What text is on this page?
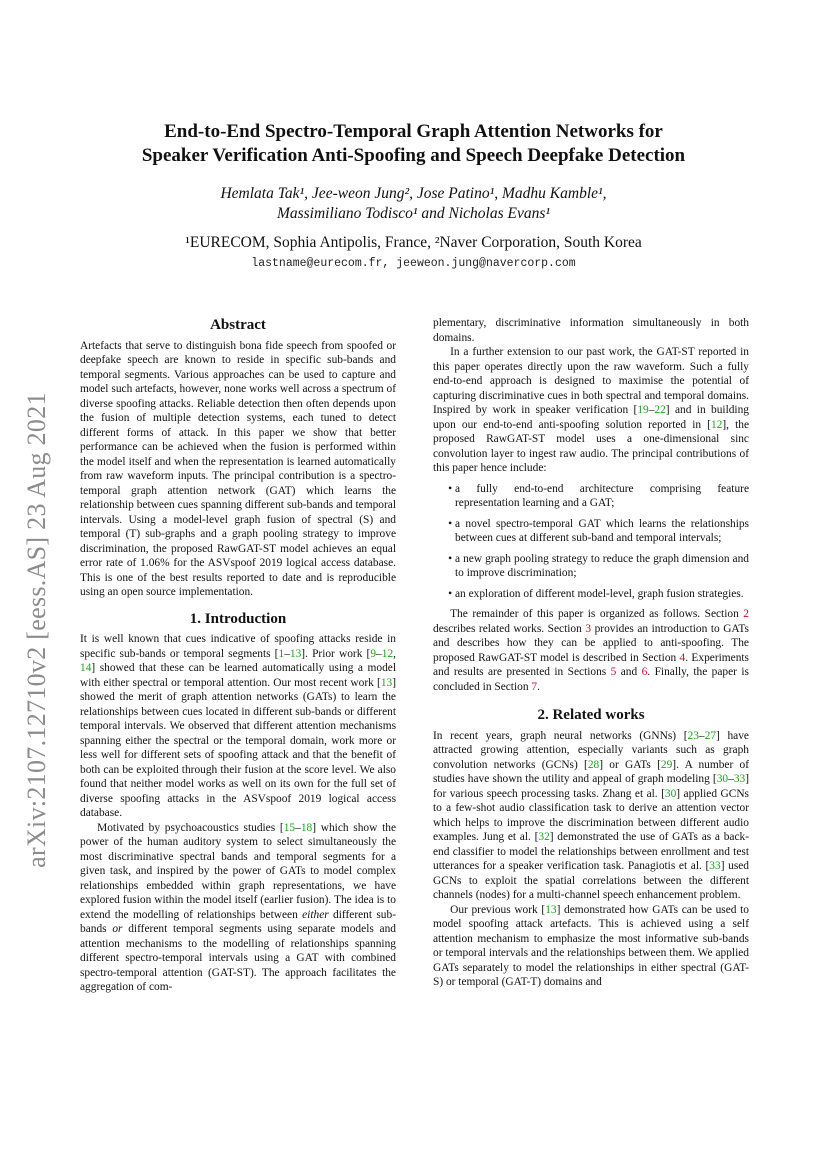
arXiv:2107.12710v2 [eess.AS] 23 Aug 2021
End-to-End Spectro-Temporal Graph Attention Networks for
Speaker Verification Anti-Spoofing and Speech Deepfake Detection
Hemlata Tak¹, Jee-weon Jung², Jose Patino¹, Madhu Kamble¹,
Massimiliano Todisco¹ and Nicholas Evans¹
¹EURECOM, Sophia Antipolis, France, ²Naver Corporation, South Korea
lastname@eurecom.fr, jeeweon.jung@navercorp.com
Abstract

Artefacts that serve to distinguish bona fide speech from spoofed or deepfake speech are known to reside in specific sub-bands and temporal segments. Various approaches can be used to capture and model such artefacts, however, none works well across a spectrum of diverse spoofing attacks. Reliable detection then often depends upon the fusion of multiple detection systems, each tuned to detect different forms of attack. In this paper we show that better performance can be achieved when the fusion is performed within the model itself and when the representation is learned automatically from raw waveform inputs. The principal contribution is a spectro-temporal graph attention network (GAT) which learns the relationship between cues spanning different sub-bands and temporal intervals. Using a model-level graph fusion of spectral (S) and temporal (T) sub-graphs and a graph pooling strategy to improve discrimination, the proposed RawGAT-ST model achieves an equal error rate of 1.06% for the ASVspoof 2019 logical access database. This is one of the best results reported to date and is reproducible using an open source implementation.

1. Introduction

It is well known that cues indicative of spoofing attacks reside in specific sub-bands or temporal segments [1–13]. Prior work [9–12, 14] showed that these can be learned automatically using a model with either spectral or temporal attention. Our most recent work [13] showed the merit of graph attention networks (GATs) to learn the relationships between cues located in different sub-bands or different temporal intervals. We observed that different attention mechanisms spanning either the spectral or the temporal domain, work more or less well for different sets of spoofing attack and that the benefit of both can be exploited through their fusion at the score level. We also found that neither model works as well on its own for the full set of diverse spoofing attacks in the ASVspoof 2019 logical access database.

Motivated by psychoacoustics studies [15–18] which show the power of the human auditory system to select simultaneously the most discriminative spectral bands and temporal segments for a given task, and inspired by the power of GATs to model complex relationships embedded within graph representations, we have explored fusion within the model itself (earlier fusion). The idea is to extend the modelling of relationships between either different sub-bands or different temporal segments using separate models and attention mechanisms to the modelling of relationships spanning different spectro-temporal intervals using a GAT with combined spectro-temporal attention (GAT-ST). The approach facilitates the aggregation of com-

plementary, discriminative information simultaneously in both domains.

In a further extension to our past work, the GAT-ST reported in this paper operates directly upon the raw waveform. Such a fully end-to-end approach is designed to maximise the potential of capturing discriminative cues in both spectral and temporal domains. Inspired by work in speaker verification [19–22] and in building upon our end-to-end anti-spoofing solution reported in [12], the proposed RawGAT-ST model uses a one-dimensional sinc convolution layer to ingest raw audio. The principal contributions of this paper hence include:

• a fully end-to-end architecture comprising feature representation learning and a GAT;
• a novel spectro-temporal GAT which learns the relationships between cues at different sub-band and temporal intervals;
• a new graph pooling strategy to reduce the graph dimension and to improve discrimination;
• an exploration of different model-level, graph fusion strategies.

The remainder of this paper is organized as follows. Section 2 describes related works. Section 3 provides an introduction to GATs and describes how they can be applied to anti-spoofing. The proposed RawGAT-ST model is described in Section 4. Experiments and results are presented in Sections 5 and 6. Finally, the paper is concluded in Section 7.

2. Related works

In recent years, graph neural networks (GNNs) [23–27] have attracted growing attention, especially variants such as graph convolution networks (GCNs) [28] or GATs [29]. A number of studies have shown the utility and appeal of graph modeling [30–33] for various speech processing tasks. Zhang et al. [30] applied GCNs to a few-shot audio classification task to derive an attention vector which helps to improve the discrimination between different audio examples. Jung et al. [32] demonstrated the use of GATs as a back-end classifier to model the relationships between enrollment and test utterances for a speaker verification task. Panagiotis et al. [33] used GCNs to exploit the spatial correlations between the different channels (nodes) for a multi-channel speech enhancement problem.

Our previous work [13] demonstrated how GATs can be used to model spoofing attack artefacts. This is achieved using a self attention mechanism to emphasize the most informative sub-bands or temporal intervals and the relationships between them. We applied GATs separately to model the relationships in either spectral (GAT-S) or temporal (GAT-T) domains and
